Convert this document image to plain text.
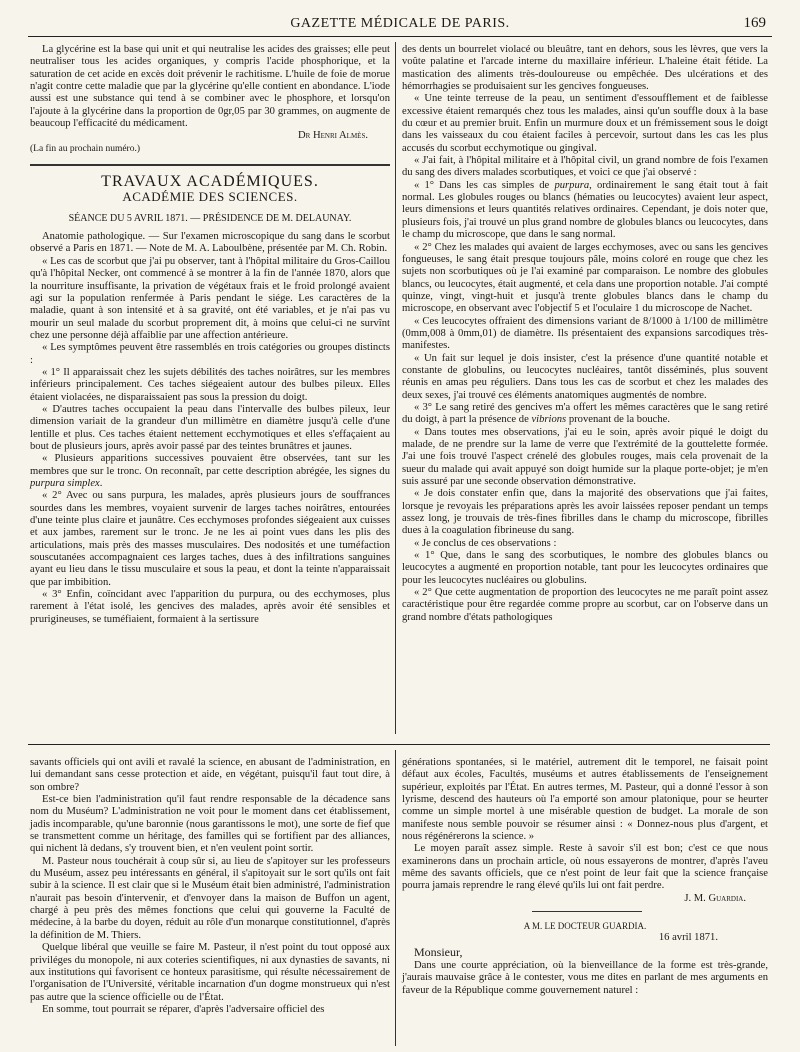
GAZETTE MÉDICALE DE PARIS.	169

La glycérine est la base qui unit et qui neutralise les acides des graisses; elle peut neutraliser tous les acides organiques, y compris l'acide phosphorique, et la saturation de cet acide en excès doit prévenir le rachitisme. L'huile de foie de morue n'agit contre cette maladie que par la glycérine qu'elle contient en abondance. L'iode aussi est une substance qui tend à se combiner avec le phosphore, et lorsqu'on l'ajoute à la glycérine dans la proportion de 0gr,05 par 30 grammes, on augmente de beaucoup l'efficacité du médicament.

Dr Henri Almès.

(La fin au prochain numéro.)

TRAVAUX ACADÉMIQUES.
ACADÉMIE DES SCIENCES.
SÉANCE DU 5 AVRIL 1871. — PRÉSIDENCE DE M. DELAUNAY.

Anatomie pathologique. — Sur l'examen microscopique du sang dans le scorbut observé a Paris en 1871. — Note de M. A. Laboulbène, présentée par M. Ch. Robin.

« Les cas de scorbut que j'ai pu observer, tant à l'hôpital militaire du Gros-Caillou qu'à l'hôpital Necker, ont commencé à se montrer à la fin de l'année 1870, alors que la nourriture insuffisante, la privation de végétaux frais et le froid prolongé avaient agi sur la population renfermée à Paris pendant le siége. Les caractères de la maladie, quant à son intensité et à sa gravité, ont été variables, et je n'ai pas vu mourir un seul malade du scorbut proprement dit, à moins que celui-ci ne survînt chez une personne déjà affaiblie par une affection antérieure.

« Les symptômes peuvent être rassemblés en trois catégories ou groupes distincts :

« 1° Il apparaissait chez les sujets débilités des taches noirâtres, sur les membres inférieurs principalement. Ces taches siégeaient autour des bulbes pileux. Elles étaient violacées, ne disparaissaient pas sous la pression du doigt.

« D'autres taches occupaient la peau dans l'intervalle des bulbes pileux, leur dimension variait de la grandeur d'un millimètre en diamètre jusqu'à celle d'une lentille et plus. Ces taches étaient nettement ecchymotiques et elles s'effaçaient au bout de plusieurs jours, après avoir passé par des teintes brunâtres et jaunes.

« Plusieurs apparitions successives pouvaient être observées, tant sur les membres que sur le tronc. On reconnaît, par cette description abrégée, les signes du purpura simplex.

« 2° Avec ou sans purpura, les malades, après plusieurs jours de souffrances sourdes dans les membres, voyaient survenir de larges taches noirâtres, entourées d'une teinte plus claire et jaunâtre. Ces ecchymoses profondes siégeaient aux cuisses et aux jambes, rarement sur le tronc. Je ne les ai point vues dans les plis des articulations, mais près des masses musculaires. Des nodosités et une tuméfaction souscutanées accompagnaient ces larges taches, dues à des infiltrations sanguines ayant eu lieu dans le tissu musculaire et sous la peau, et dont la teinte n'apparaissait que par imbibition.

« 3° Enfin, coïncidant avec l'apparition du purpura, ou des ecchymoses, plus rarement à l'état isolé, les gencives des malades, après avoir été sensibles et prurigineuses, se tuméfiaient, formaient à la sertissure

des dents un bourrelet violacé ou bleuâtre, tant en dehors, sous les lèvres, que vers la voûte palatine et l'arcade interne du maxillaire inférieur. L'haleine était fétide. La mastication des aliments très-douloureuse ou empêchée. Des ulcérations et des hémorrhagies se produisaient sur les gencives fongueuses.

« Une teinte terreuse de la peau, un sentiment d'essoufflement et de faiblesse excessive étaient remarqués chez tous les malades, ainsi qu'un souffle doux à la base du cœur et au premier bruit. Enfin un murmure doux et un frémissement sous le doigt dans les vaisseaux du cou étaient faciles à percevoir, surtout dans les cas les plus accusés du scorbut ecchymotique ou gingival.

« J'ai fait, à l'hôpital militaire et à l'hôpital civil, un grand nombre de fois l'examen du sang des divers malades scorbutiques, et voici ce que j'ai observé :

« 1° Dans les cas simples de purpura, ordinairement le sang était tout à fait normal. Les globules rouges ou blancs (hématies ou leucocytes) avaient leur aspect, leurs dimensions et leurs quantités relatives ordinaires. Cependant, je dois noter que, plusieurs fois, j'ai trouvé un plus grand nombre de globules blancs ou leucocytes, dans le champ du microscope, que dans le sang normal.

« 2° Chez les malades qui avaient de larges ecchymoses, avec ou sans les gencives fongueuses, le sang était presque toujours pâle, moins coloré en rouge que chez les sujets non scorbutiques où je l'ai examiné par comparaison. Le nombre des globules blancs, ou leucocytes, était augmenté, et cela dans une proportion notable. J'ai compté quinze, vingt, vingt-huit et jusqu'à trente globules blancs dans le champ du microscope, en observant avec l'objectif 5 et l'oculaire 1 du microscope de Nachet.

« Ces leucocytes offraient des dimensions variant de 8/1000 à 1/100 de millimètre (0mm,008 à 0mm,01) de diamètre. Ils présentaient des expansions sarcodiques très-manifestes.

« Un fait sur lequel je dois insister, c'est la présence d'une quantité notable et constante de globulins, ou leucocytes nucléaires, tantôt disséminés, plus souvent réunis en amas peu réguliers. Dans tous les cas de scorbut et chez les malades des deux sexes, j'ai trouvé ces éléments anatomiques augmentés de nombre.

« 3° Le sang retiré des gencives m'a offert les mêmes caractères que le sang retiré du doigt, à part la présence de vibrions provenant de la bouche.

« Dans toutes mes observations, j'ai eu le soin, après avoir piqué le doigt du malade, de ne prendre sur la lame de verre que l'extrémité de la gouttelette formée. J'ai une fois trouvé l'aspect crénelé des globules rouges, mais cela provenait de la sueur du malade qui avait appuyé son doigt humide sur la plaque porte-objet; je m'en suis assuré par une seconde observation démonstrative.

« Je dois constater enfin que, dans la majorité des observations que j'ai faites, lorsque je revoyais les préparations après les avoir laissées reposer pendant un temps assez long, je trouvais de très-fines fibrilles dans le champ du microscope, fibrilles dues à la coagulation fibrineuse du sang.

« Je conclus de ces observations :

« 1° Que, dans le sang des scorbutiques, le nombre des globules blancs ou leucocytes a augmenté en proportion notable, tant pour les leucocytes ordinaires que pour les leucocytes nucléaires ou globulins.

« 2° Que cette augmentation de proportion des leucocytes ne me paraît point assez caractéristique pour être regardée comme propre au scorbut, car on l'observe dans un grand nombre d'états pathologiques

savants officiels qui ont avili et ravalé la science, en abusant de l'administration, en lui demandant sans cesse protection et aide, en végétant, puisqu'il faut tout dire, à son ombre?

Est-ce bien l'administration qu'il faut rendre responsable de la décadence sans nom du Muséum? L'administration ne voit pour le moment dans cet établissement, jadis incomparable, qu'une baronnie (nous garantissons le mot), une sorte de fief que se transmettent comme un héritage, des familles qui se fortifient par des alliances, qui nichent là dedans, s'y trouvent bien, et n'en veulent point sortir.

M. Pasteur nous touchérait à coup sûr si, au lieu de s'apitoyer sur les professeurs du Muséum, assez peu intéressants en général, il s'apitoyait sur le sort qu'ils ont fait subir à la science. Il est clair que si le Muséum était bien administré, l'administration n'aurait pas besoin d'intervenir, et d'envoyer dans la maison de Buffon un agent, chargé à peu près des mêmes fonctions que celui qui gouverne la Faculté de médecine, à la barbe du doyen, réduit au rôle d'un monarque constitutionnel, d'après la définition de M. Thiers.

Quelque libéral que veuille se faire M. Pasteur, il n'est point du tout opposé aux priviléges du monopole, ni aux coteries scientifiques, ni aux dynasties de savants, ni aux institutions qui favorisent ce honteux parasitisme, qui résulte nécessairement de l'organisation de l'Université, véritable incarnation d'un dogme monstrueux qui n'est pas autre que la science officielle ou de l'État.

En somme, tout pourrait se réparer, d'après l'adversaire officiel des

générations spontanées, si le matériel, autrement dit le temporel, ne faisait point défaut aux écoles, Facultés, muséums et autres établissements de l'enseignement supérieur, exploités par l'État. En autres termes, M. Pasteur, qui a donné l'essor à son lyrisme, descend des hauteurs où l'a emporté son amour platonique, pour se heurter comme un simple mortel à une misérable question de budget. La morale de son manifeste nous semble pouvoir se résumer ainsi : « Donnez-nous plus d'argent, et nous régénérerons la science. »

Le moyen paraît assez simple. Reste à savoir s'il est bon; c'est ce que nous examinerons dans un prochain article, où nous essayerons de montrer, d'après l'aveu même des savants officiels, que ce n'est point de leur fait que la science française pourra jamais reprendre le rang élevé qu'ils lui ont fait perdre.

J. M. Guardia.

A M. LE DOCTEUR GUARDIA.

16 avril 1871.

Monsieur,

Dans une courte appréciation, où la bienveillance de la forme est très-grande, j'aurais mauvaise grâce à le contester, vous me dites en parlant de mes arguments en faveur de la République comme gouvernement naturel :
